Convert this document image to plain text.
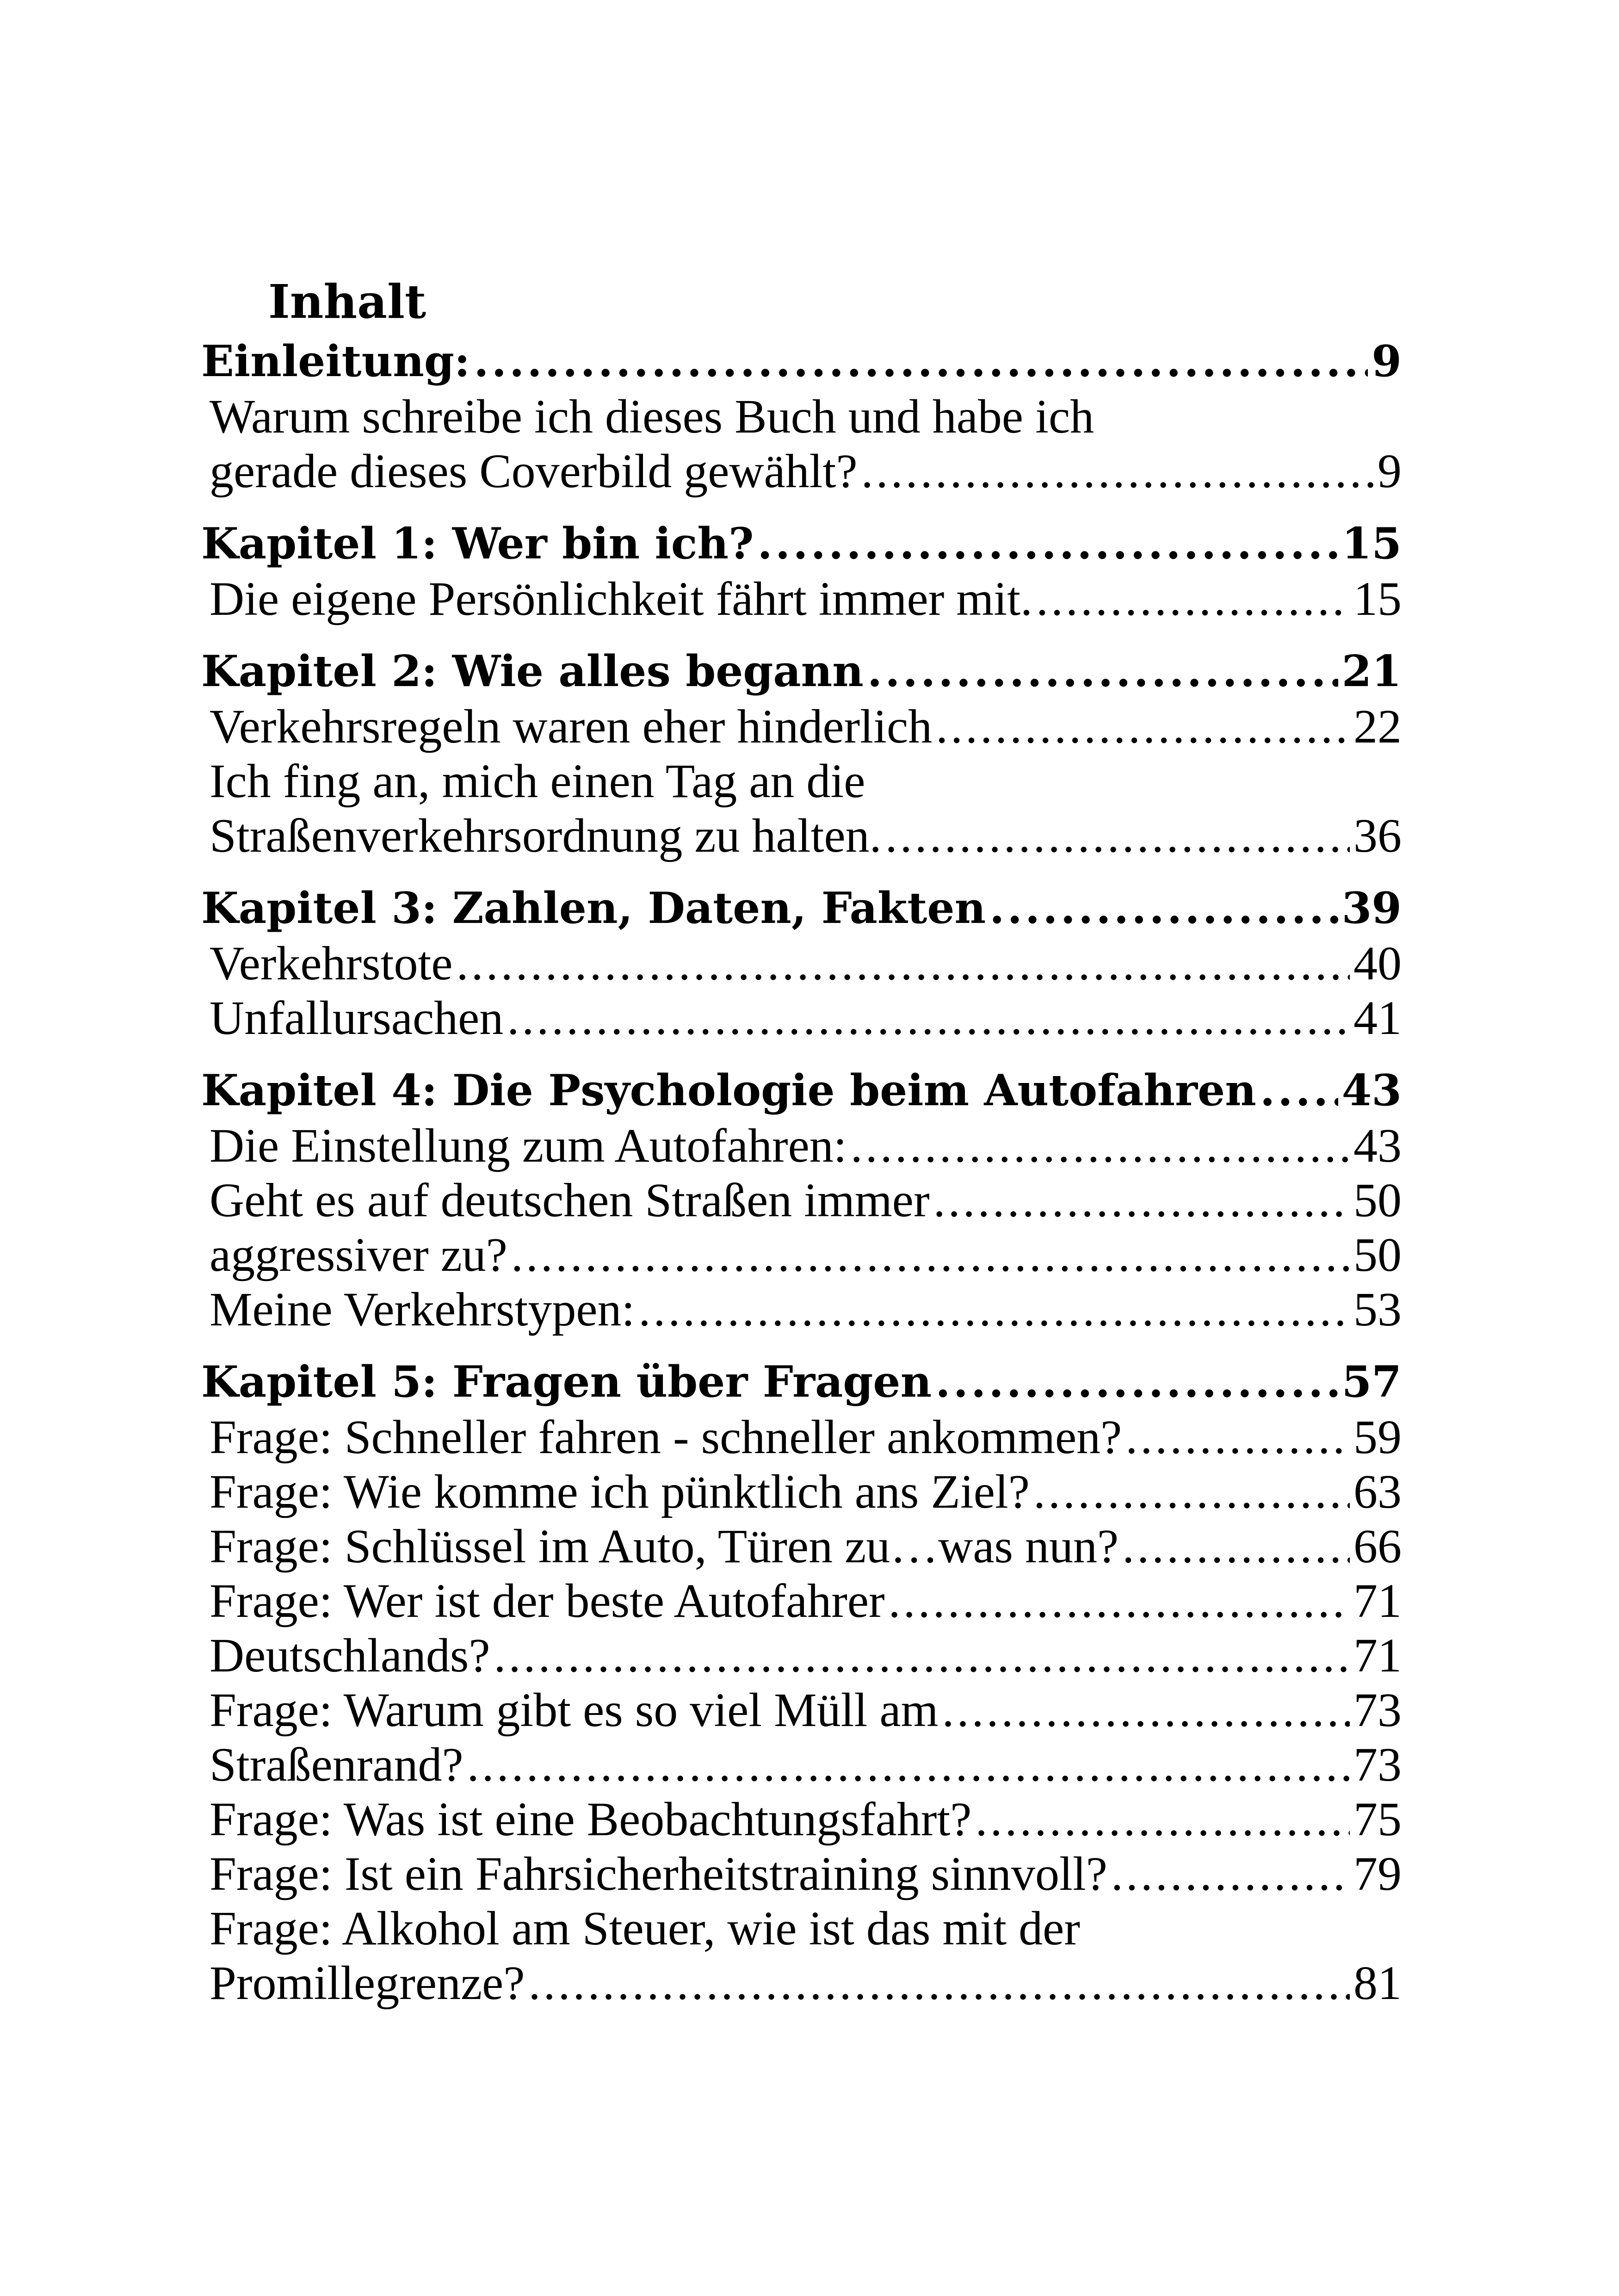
Inhalt
Einleitung: .....	9
Warum schreibe ich dieses Buch und habe ich
gerade dieses Coverbild gewählt? .....	9
Kapitel 1: Wer bin ich? .....	15
Die eigene Persönlichkeit fährt immer mit. .....	15
Kapitel 2: Wie alles begann .....	21
Verkehrsregeln waren eher hinderlich .....	22
Ich fing an, mich einen Tag an die
Straßenverkehrsordnung zu halten. .....	36
Kapitel 3: Zahlen, Daten, Fakten .....	39
Verkehrstote .....	40
Unfallursachen .....	41
Kapitel 4: Die Psychologie beim Autofahren ..... 43
Die Einstellung zum Autofahren: .....	43
Geht es auf deutschen Straßen immer .....	50
aggressiver zu? .....	50
Meine Verkehrstypen: .....	53
Kapitel 5: Fragen über Fragen .....	57
Frage: Schneller fahren - schneller ankommen? .....	59
Frage: Wie komme ich pünktlich ans Ziel? .....	63
Frage: Schlüssel im Auto, Türen zu…was nun? .....	66
Frage: Wer ist der beste Autofahrer .....	71
Deutschlands? .....	71
Frage: Warum gibt es so viel Müll am .....	73
Straßenrand? .....	73
Frage: Was ist eine Beobachtungsfahrt? .....	75
Frage: Ist ein Fahrsicherheitstraining sinnvoll? .....	79
Frage: Alkohol am Steuer, wie ist das mit der
Promillegrenze? .....	81
